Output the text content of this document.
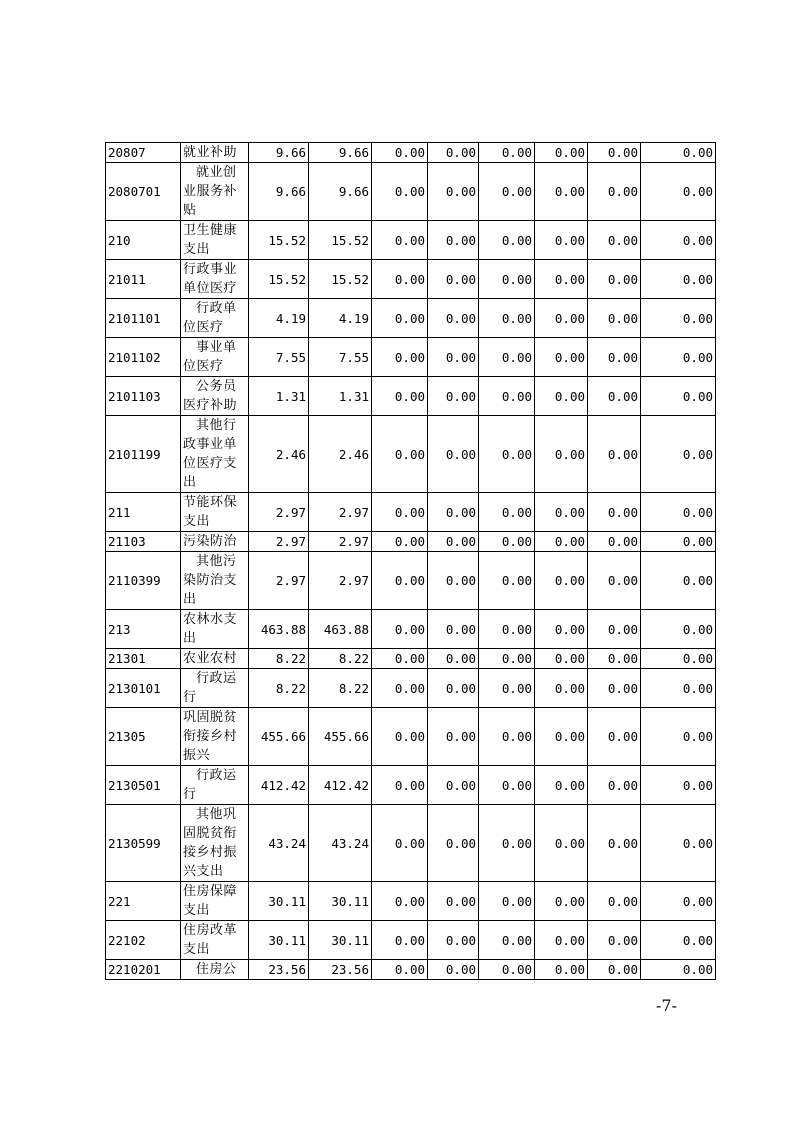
20807	就业补助	9.66	9.66	0.00	0.00	0.00	0.00	0.00	0.00
2080701	就业创业服务补贴	9.66	9.66	0.00	0.00	0.00	0.00	0.00	0.00
210	卫生健康支出	15.52	15.52	0.00	0.00	0.00	0.00	0.00	0.00
21011	行政事业单位医疗	15.52	15.52	0.00	0.00	0.00	0.00	0.00	0.00
2101101	行政单位医疗	4.19	4.19	0.00	0.00	0.00	0.00	0.00	0.00
2101102	事业单位医疗	7.55	7.55	0.00	0.00	0.00	0.00	0.00	0.00
2101103	公务员医疗补助	1.31	1.31	0.00	0.00	0.00	0.00	0.00	0.00
2101199	其他行政事业单位医疗支出	2.46	2.46	0.00	0.00	0.00	0.00	0.00	0.00
211	节能环保支出	2.97	2.97	0.00	0.00	0.00	0.00	0.00	0.00
21103	污染防治	2.97	2.97	0.00	0.00	0.00	0.00	0.00	0.00
2110399	其他污染防治支出	2.97	2.97	0.00	0.00	0.00	0.00	0.00	0.00
213	农林水支出	463.88	463.88	0.00	0.00	0.00	0.00	0.00	0.00
21301	农业农村	8.22	8.22	0.00	0.00	0.00	0.00	0.00	0.00
2130101	行政运行	8.22	8.22	0.00	0.00	0.00	0.00	0.00	0.00
21305	巩固脱贫衔接乡村振兴	455.66	455.66	0.00	0.00	0.00	0.00	0.00	0.00
2130501	行政运行	412.42	412.42	0.00	0.00	0.00	0.00	0.00	0.00
2130599	其他巩固脱贫衔接乡村振兴支出	43.24	43.24	0.00	0.00	0.00	0.00	0.00	0.00
221	住房保障支出	30.11	30.11	0.00	0.00	0.00	0.00	0.00	0.00
22102	住房改革支出	30.11	30.11	0.00	0.00	0.00	0.00	0.00	0.00
2210201	住房公	23.56	23.56	0.00	0.00	0.00	0.00	0.00	0.00
-7-
